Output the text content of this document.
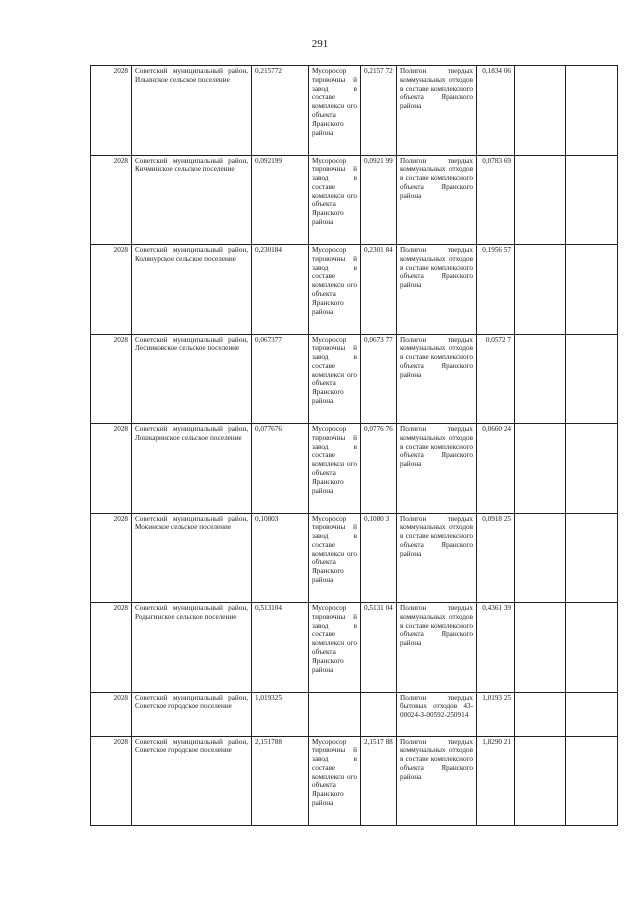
291
2028	Советский муниципальный район, Ильинское сельское поселение	0,215772	Мусоросор тировочны й завод в составе комплексн ого объекта Яранского района	0,2157 72	Полигон твердых коммунальных отходов в составе комплексного объекта Яранского района	0,1834 06		
2028	Советский муниципальный район, Кичминское сельское поселение	0,092199	Мусоросор тировочны й завод в составе комплексн ого объекта Яранского района	0,0921 99	Полигон твердых коммунальных отходов в составе комплексного объекта Яранского района	0,0783 69		
2028	Советский муниципальный район, Колянурское сельское поселение	0,230184	Мусоросор тировочны й завод в составе комплексн ого объекта Яранского района	0,2301 84	Полигон твердых коммунальных отходов в составе комплексного объекта Яранского района	0,1956 57		
2028	Советский муниципальный район, Лесниковское сельское поселение	0,067377	Мусоросор тировочны й завод в составе комплексн ого объекта Яранского района	0,0673 77	Полигон твердых коммунальных отходов в составе комплексного объекта Яранского района	0,0572 7		
2028	Советский муниципальный район, Лошкаринское сельское поселение	0,077676	Мусоросор тировочны й завод в составе комплексн ого объекта Яранского района	0,0776 76	Полигон твердых коммунальных отходов в составе комплексного объекта Яранского района	0,0660 24		
2028	Советский муниципальный район, Мокинское сельское поселение	0,10803	Мусоросор тировочны й завод в составе комплексн ого объекта Яранского района	0,1080 3	Полигон твердых коммунальных отходов в составе комплексного объекта Яранского района	0,0918 25		
2028	Советский муниципальный район, Родыгинское сельское поселение	0,513104	Мусоросор тировочны й завод в составе комплексн ого объекта Яранского района	0,5131 04	Полигон твердых коммунальных отходов в составе комплексного объекта Яранского района	0,4361 39		
2028	Советский муниципальный район, Советское городское поселение	1,019325			Полигон твердых бытовых отходов 43-00024-З-00592-250914	1,0193 25		
2028	Советский муниципальный район, Советское городское поселение	2,151788	Мусоросор тировочны й завод в составе комплексн ого объекта Яранского района	2,1517 88	Полигон твердых коммунальных отходов в составе комплексного объекта Яранского района	1,8290 21		
